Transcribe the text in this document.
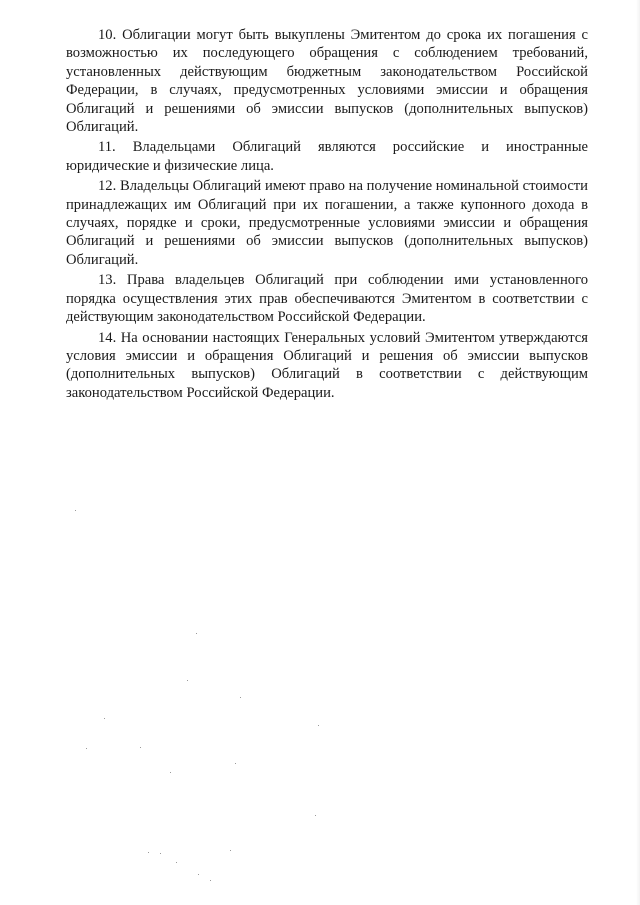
10. Облигации могут быть выкуплены Эмитентом до срока их погашения с возможностью их последующего обращения с соблюдением требований, установленных действующим бюджетным законодательством Российской Федерации, в случаях, предусмотренных условиями эмиссии и обращения Облигаций и решениями об эмиссии выпусков (дополнительных выпусков) Облигаций.

11. Владельцами Облигаций являются российские и иностранные юридические и физические лица.

12. Владельцы Облигаций имеют право на получение номинальной стоимости принадлежащих им Облигаций при их погашении, а также купонного дохода в случаях, порядке и сроки, предусмотренные условиями эмиссии и обращения Облигаций и решениями об эмиссии выпусков (дополнительных выпусков) Облигаций.

13. Права владельцев Облигаций при соблюдении ими установленного порядка осуществления этих прав обеспечиваются Эмитентом в соответствии с действующим законодательством Российской Федерации.

14. На основании настоящих Генеральных условий Эмитентом утверждаются условия эмиссии и обращения Облигаций и решения об эмиссии выпусков (дополнительных выпусков) Облигаций в соответствии с действующим законодательством Российской Федерации.
